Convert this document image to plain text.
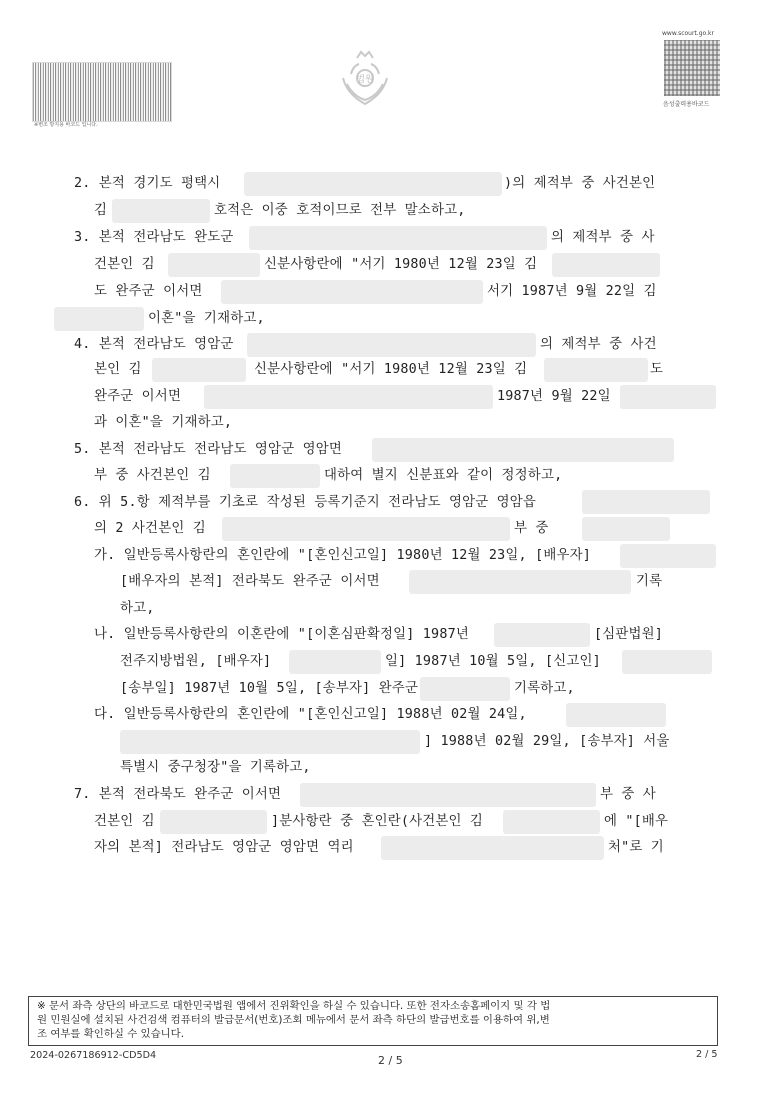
※변조 방지용 바코드 입니다.
법원
www.scourt.go.kr
음성출력용바코드
2. 본적 경기도 평택시	)의 제적부 중 사건본인
김	호적은 이중 호적이므로 전부 말소하고,
3. 본적 전라남도 완도군	의 제적부 중 사
건본인 김	신분사항란에 "서기 1980년 12월 23일 김
도 완주군 이서면	서기 1987년 9월 22일 김
이혼"을 기재하고,
4. 본적 전라남도 영암군	의 제적부 중 사건
본인 김	신분사항란에 "서기 1980년 12월 23일 김	도
완주군 이서면	1987년 9월 22일
과 이혼"을 기재하고,
5. 본적 전라남도 전라남도 영암군 영암면
부 중 사건본인 김	대하여 별지 신분표와 같이 정정하고,
6. 위 5.항 제적부를 기초로 작성된 등록기준지 전라남도 영암군 영암읍
의 2 사건본인 김	부 중
가. 일반등록사항란의 혼인란에 "[혼인신고일] 1980년 12월 23일, [배우자]
[배우자의 본적] 전라북도 완주군 이서면	기록
하고,
나. 일반등록사항란의 이혼란에 "[이혼심판확정일] 1987년	[심판법원]
전주지방법원, [배우자]	일] 1987년 10월 5일, [신고인]
[송부일] 1987년 10월 5일, [송부자] 완주군	기록하고,
다. 일반등록사항란의 혼인란에 "[혼인신고일] 1988년 02월 24일,
] 1988년 02월 29일, [송부자] 서울
특별시 중구청장"을 기록하고,
7. 본적 전라북도 완주군 이서면	부 중 사
건본인 김	]분사항란 중 혼인란(사건본인 김	에 "[배우
자의 본적] 전라남도 영암군 영암면 역리	처"로 기
※ 문서 좌측 상단의 바코드로 대한민국법원 앱에서 진위확인을 하실 수 있습니다. 또한 전자소송홈페이지 및 각 법
원 민원실에 설치된 사건검색 컴퓨터의 발급문서(번호)조회 메뉴에서 문서 좌측 하단의 발급번호를 이용하여 위,변
조 여부를 확인하실 수 있습니다.
2024-0267186912-CD5D4	2 / 5	2 / 5
